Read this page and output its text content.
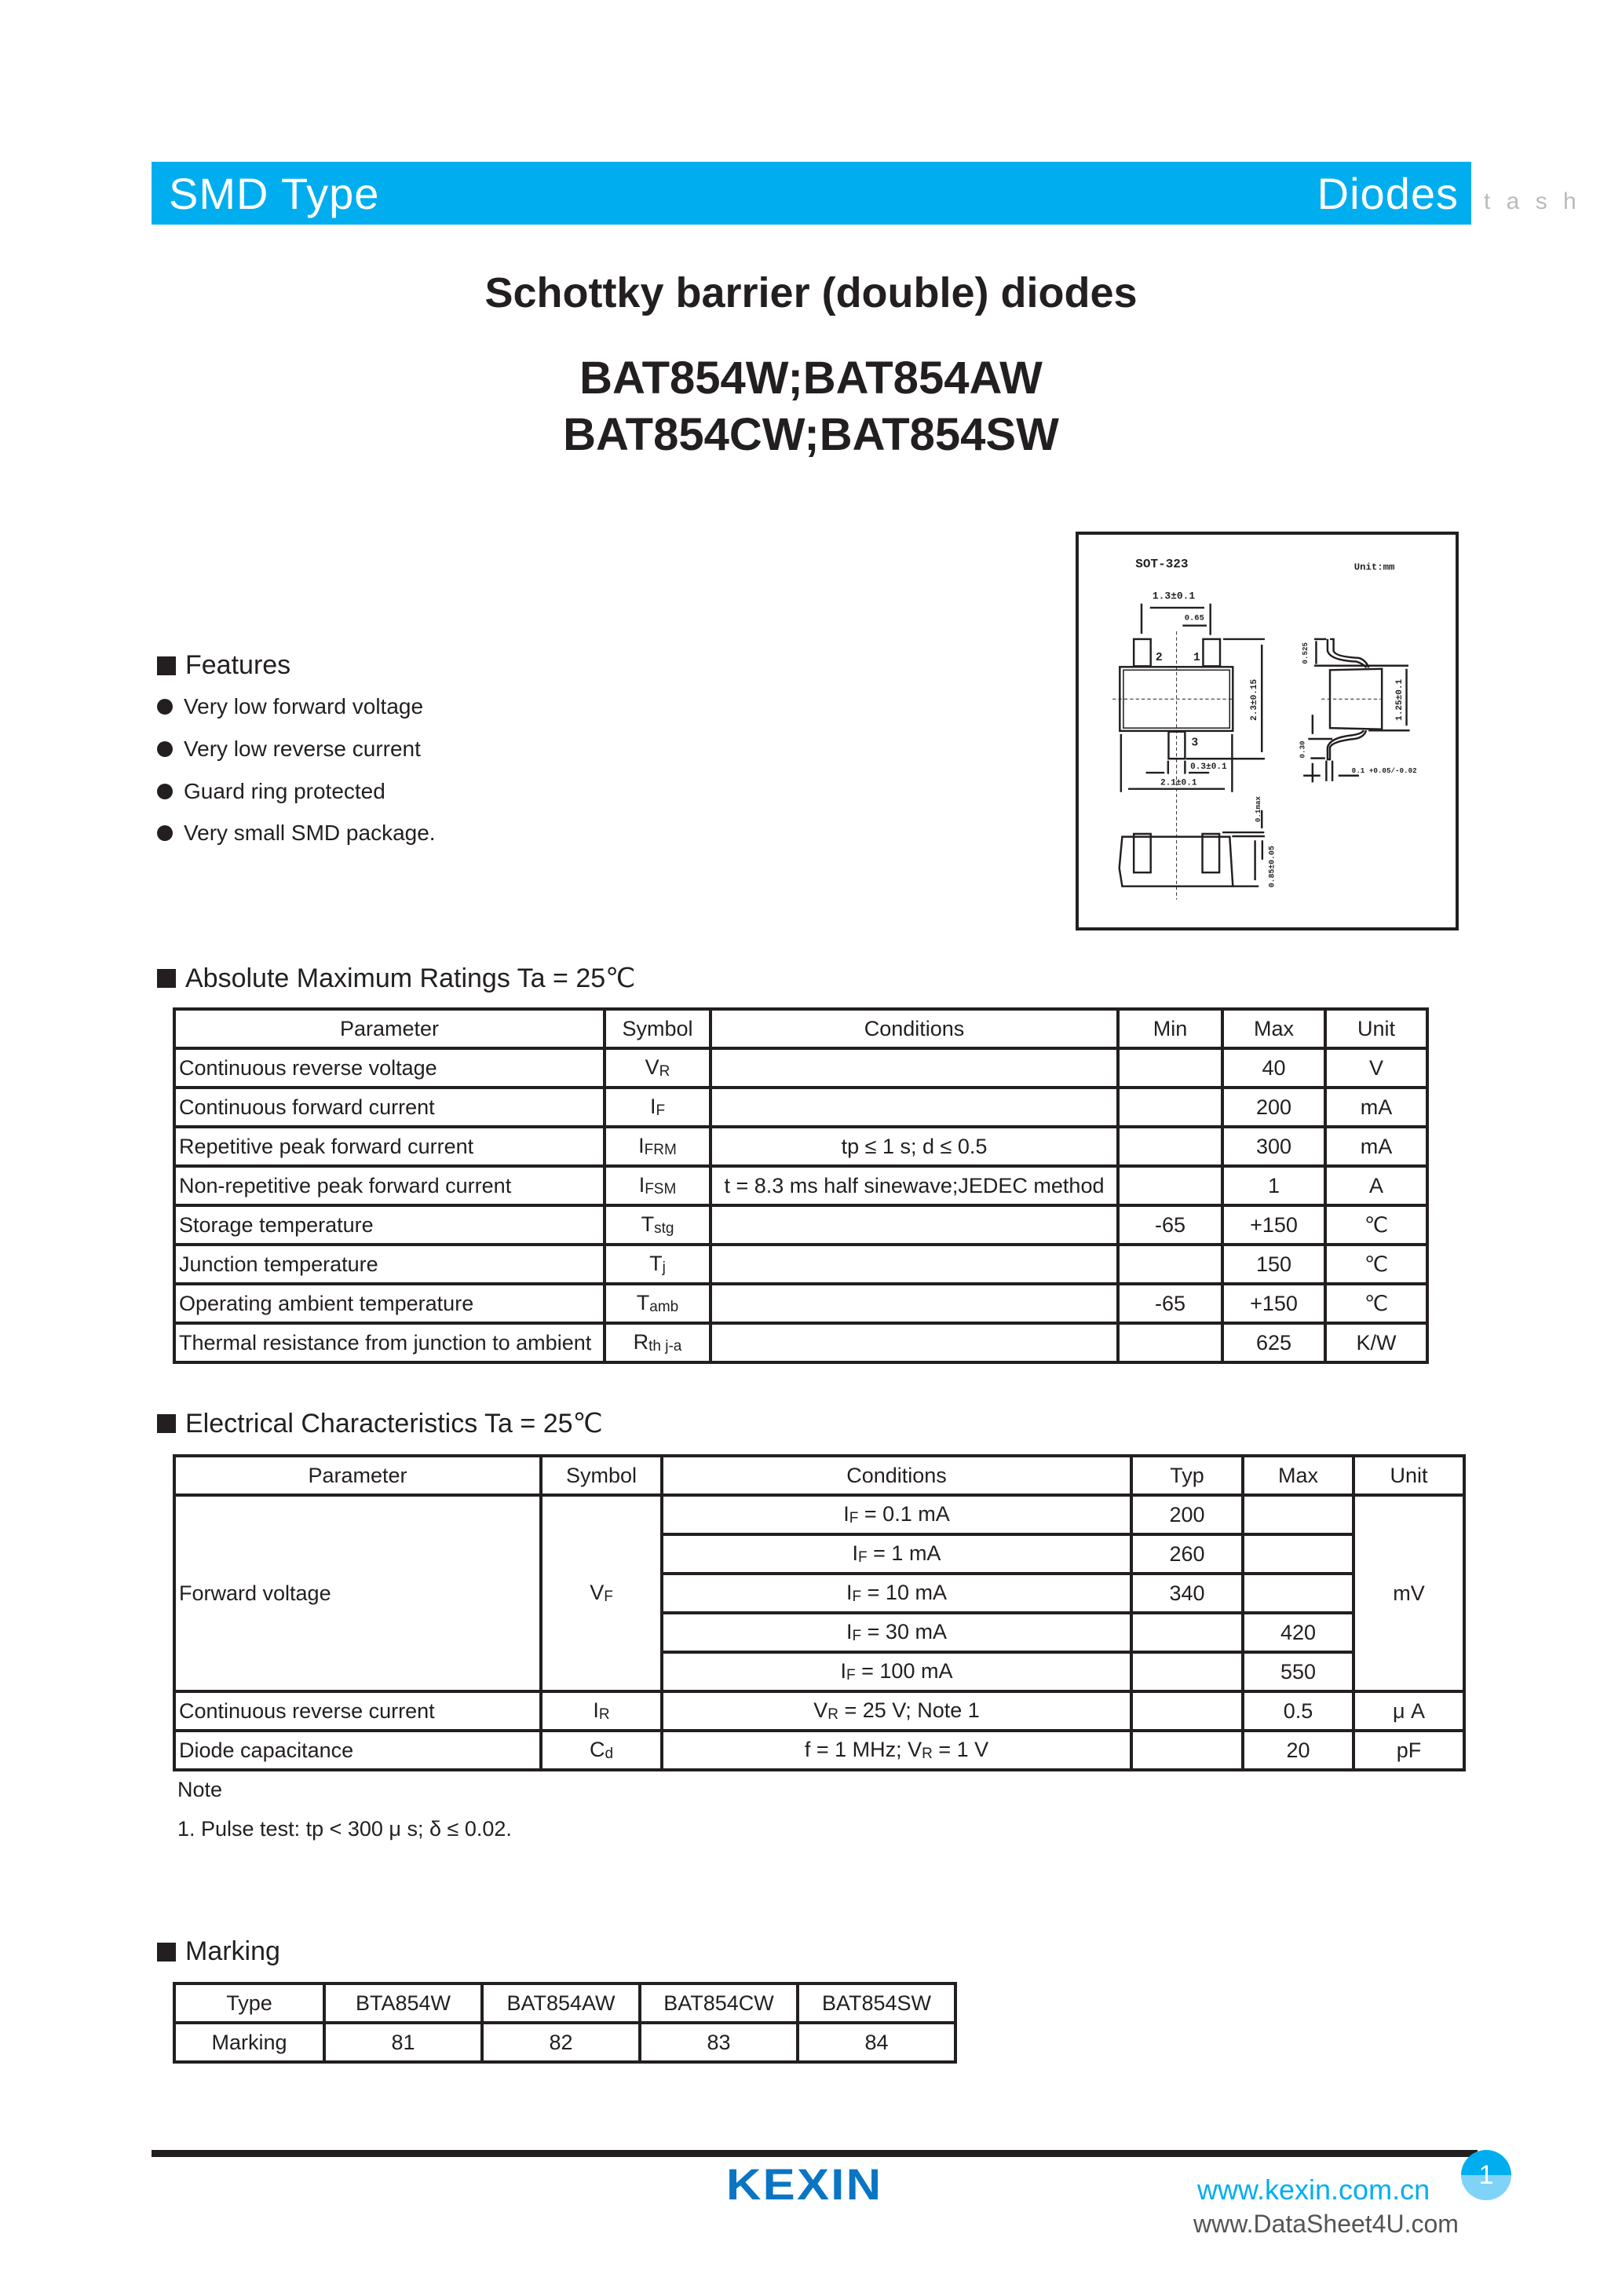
SMD Type	Diodes t a s h
Schottky barrier (double) diodes
BAT854W;BAT854AW
BAT854CW;BAT854SW
SOT-323	Unit:mm
1.3±0.1
0.65
2 1
3
0.3±0.1
2.1±0.1
2.3±0.15
0.525
1.25±0.1
0.30
0.1 +0.05/-0.02
0.1max
0.85±0.05
Features
Very low forward voltage
Very low reverse current
Guard ring protected
Very small SMD package.
Absolute Maximum Ratings Ta = 25℃
Parameter	Symbol	Conditions	Min	Max	Unit
Continuous reverse voltage	$V_R$			40	V
Continuous forward current	$I_F$			200	mA
Repetitive peak forward current	$I_{FRM}$	tp ≤ 1 s; d ≤ 0.5		300	mA
Non-repetitive peak forward current	$I_{FSM}$	t = 8.3 ms half sinewave;JEDEC method		1	A
Storage temperature	$T_{stg}$		-65	+150	℃
Junction temperature	$T_j$			150	℃
Operating ambient temperature	$T_{amb}$		-65	+150	℃
Thermal resistance from junction to ambient	$R_{th j-a}$			625	K/W
Electrical Characteristics Ta = 25℃
Parameter	Symbol	Conditions	Typ	Max	Unit
Forward voltage	$V_F$	$I_F = 0.1$ mA	200		mV
		$I_F = 1$ mA	260		
		$I_F = 10$ mA	340		
		$I_F = 30$ mA		420	
		$I_F = 100$ mA		550	
Continuous reverse current	$I_R$	$V_R = 25$ V; Note 1		0.5	μ A
Diode capacitance	$C_d$	f = 1 MHz; $V_R = 1$ V		20	pF
Note
1. Pulse test: tp < 300 μ s; δ ≤ 0.02.
Marking
Type	BTA854W	BAT854AW	BAT854CW	BAT854SW
Marking	81	82	83	84
KEXIN	www.kexin.com.cn
www.DataSheet4U.com
1
